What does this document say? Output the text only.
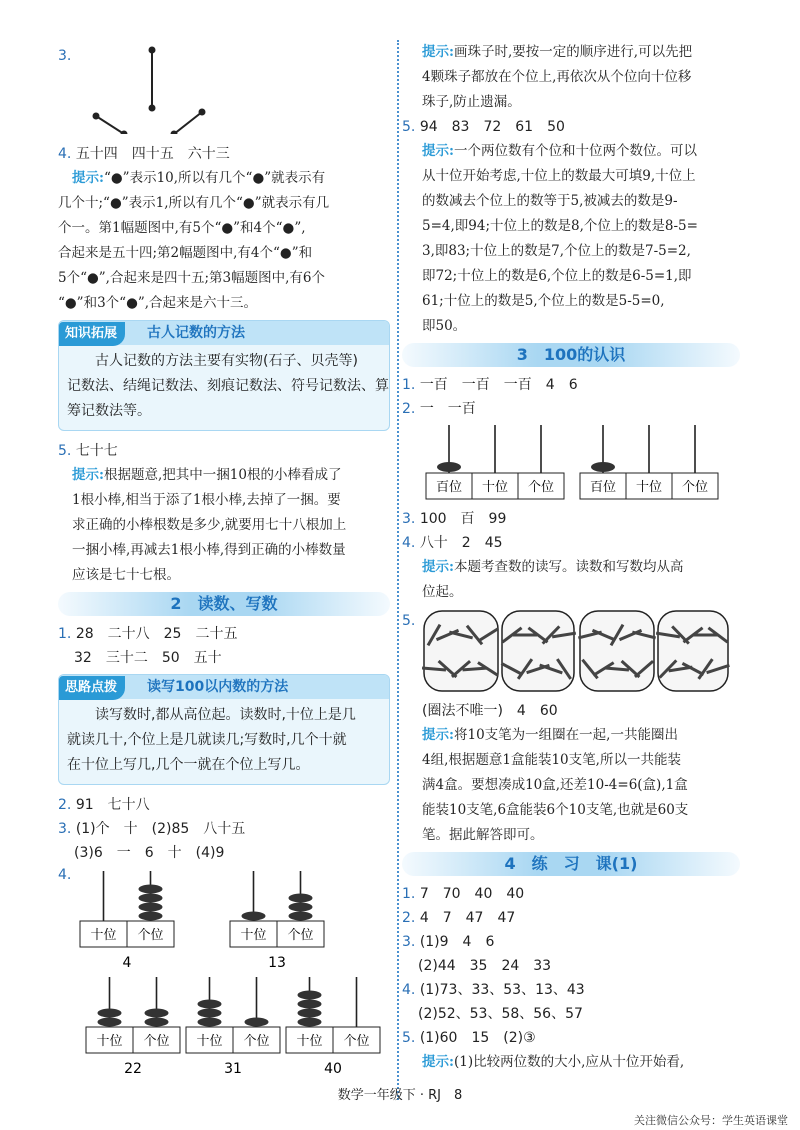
3.
4. 五十四　四十五　六十三
提示:“●”表示10,所以有几个“●”就表示有
几个十;“●”表示1,所以有几个“●”就表示有几
个一。第1幅题图中,有5个“●”和4个“●”,
合起来是五十四;第2幅题图中,有4个“●”和
5个“●”,合起来是四十五;第3幅题图中,有6个
“●”和3个“●”,合起来是六十三。
知识拓展 古人记数的方法
古人记数的方法主要有实物(石子、贝壳等)
记数法、结绳记数法、刻痕记数法、符号记数法、算
筹记数法等。
5. 七十七
提示:根据题意,把其中一捆10根的小棒看成了
1根小棒,相当于添了1根小棒,去掉了一捆。要
求正确的小棒根数是多少,就要用七十八根加上
一捆小棒,再减去1根小棒,得到正确的小棒数量
应该是七十七根。
2　读数、写数
1. 28　二十八　25　二十五
32　三十二　50　五十
思路点拨 读写100以内数的方法
读写数时,都从高位起。读数时,十位上是几
就读几十,个位上是几就读几;写数时,几个十就
在十位上写几,几个一就在个位上写几。
2. 91　七十八
3. (1)个　十　(2)85　八十五
(3)6　一　6　十　(4)9
4.
十位 个位
4
十位 个位
13
十位 个位
22
十位 个位
31
十位 个位
40
提示:画珠子时,要按一定的顺序进行,可以先把
4颗珠子都放在个位上,再依次从个位向十位移
珠子,防止遗漏。
5. 94　83　72　61　50
提示:一个两位数有个位和十位两个数位。可以
从十位开始考虑,十位上的数最大可填9,十位上
的数减去个位上的数等于5,被减去的数是9-
5=4,即94;十位上的数是8,个位上的数是8-5=
3,即83;十位上的数是7,个位上的数是7-5=2,
即72;十位上的数是6,个位上的数是6-5=1,即
61;十位上的数是5,个位上的数是5-5=0,
即50。
3　100的认识
1. 一百　一百　一百　4　6
2. 一　一百
百位 十位 个位	百位 十位 个位
3. 100　百　99
4. 八十　2　45
提示:本题考查数的读写。读数和写数均从高
位起。
5.
(圈法不唯一)　4　60
提示:将10支笔为一组圈在一起,一共能圈出
4组,根据题意1盒能装10支笔,所以一共能装
满4盒。要想凑成10盒,还差10-4=6(盒),1盒
能装10支笔,6盒能装6个10支笔,也就是60支
笔。据此解答即可。
4　练　习　课(1)
1. 7　70　40　40
2. 4　7　47　47
3. (1)9　4　6
(2)44　35　24　33
4. (1)73、33、53、13、43
(2)52、53、58、56、57
5. (1)60　15　(2)③
提示:(1)比较两位数的大小,应从十位开始看,
数学一年级下 · RJ　8
关注微信公众号：学生英语课堂
